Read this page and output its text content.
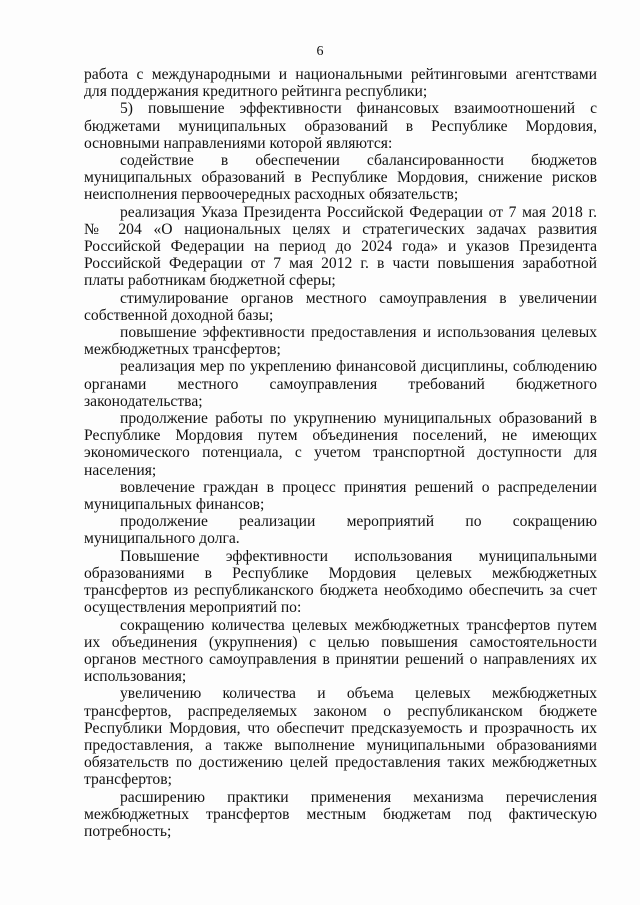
6

работа с международными и национальными рейтинговыми агентствами для поддержания кредитного рейтинга республики;

5) повышение эффективности финансовых взаимоотношений с бюджетами муниципальных образований в Республике Мордовия, основными направлениями которой являются:

содействие в обеспечении сбалансированности бюджетов муниципальных образований в Республике Мордовия, снижение рисков неисполнения первоочередных расходных обязательств;

реализация Указа Президента Российской Федерации от 7 мая 2018 г. № 204 «О национальных целях и стратегических задачах развития Российской Федерации на период до 2024 года» и указов Президента Российской Федерации от 7 мая 2012 г. в части повышения заработной платы работникам бюджетной сферы;

стимулирование органов местного самоуправления в увеличении собственной доходной базы;

повышение эффективности предоставления и использования целевых межбюджетных трансфертов;

реализация мер по укреплению финансовой дисциплины, соблюдению органами местного самоуправления требований бюджетного законодательства;

продолжение работы по укрупнению муниципальных образований в Республике Мордовия путем объединения поселений, не имеющих экономического потенциала, с учетом транспортной доступности для населения;

вовлечение граждан в процесс принятия решений о распределении муниципальных финансов;

продолжение реализации мероприятий по сокращению муниципального долга.

Повышение эффективности использования муниципальными образованиями в Республике Мордовия целевых межбюджетных трансфертов из республиканского бюджета необходимо обеспечить за счет осуществления мероприятий по:

сокращению количества целевых межбюджетных трансфертов путем их объединения (укрупнения) с целью повышения самостоятельности органов местного самоуправления в принятии решений о направлениях их использования;

увеличению количества и объема целевых межбюджетных трансфертов, распределяемых законом о республиканском бюджете Республики Мордовия, что обеспечит предсказуемость и прозрачность их предоставления, а также выполнение муниципальными образованиями обязательств по достижению целей предоставления таких межбюджетных трансфертов;

расширению практики применения механизма перечисления межбюджетных трансфертов местным бюджетам под фактическую потребность;
